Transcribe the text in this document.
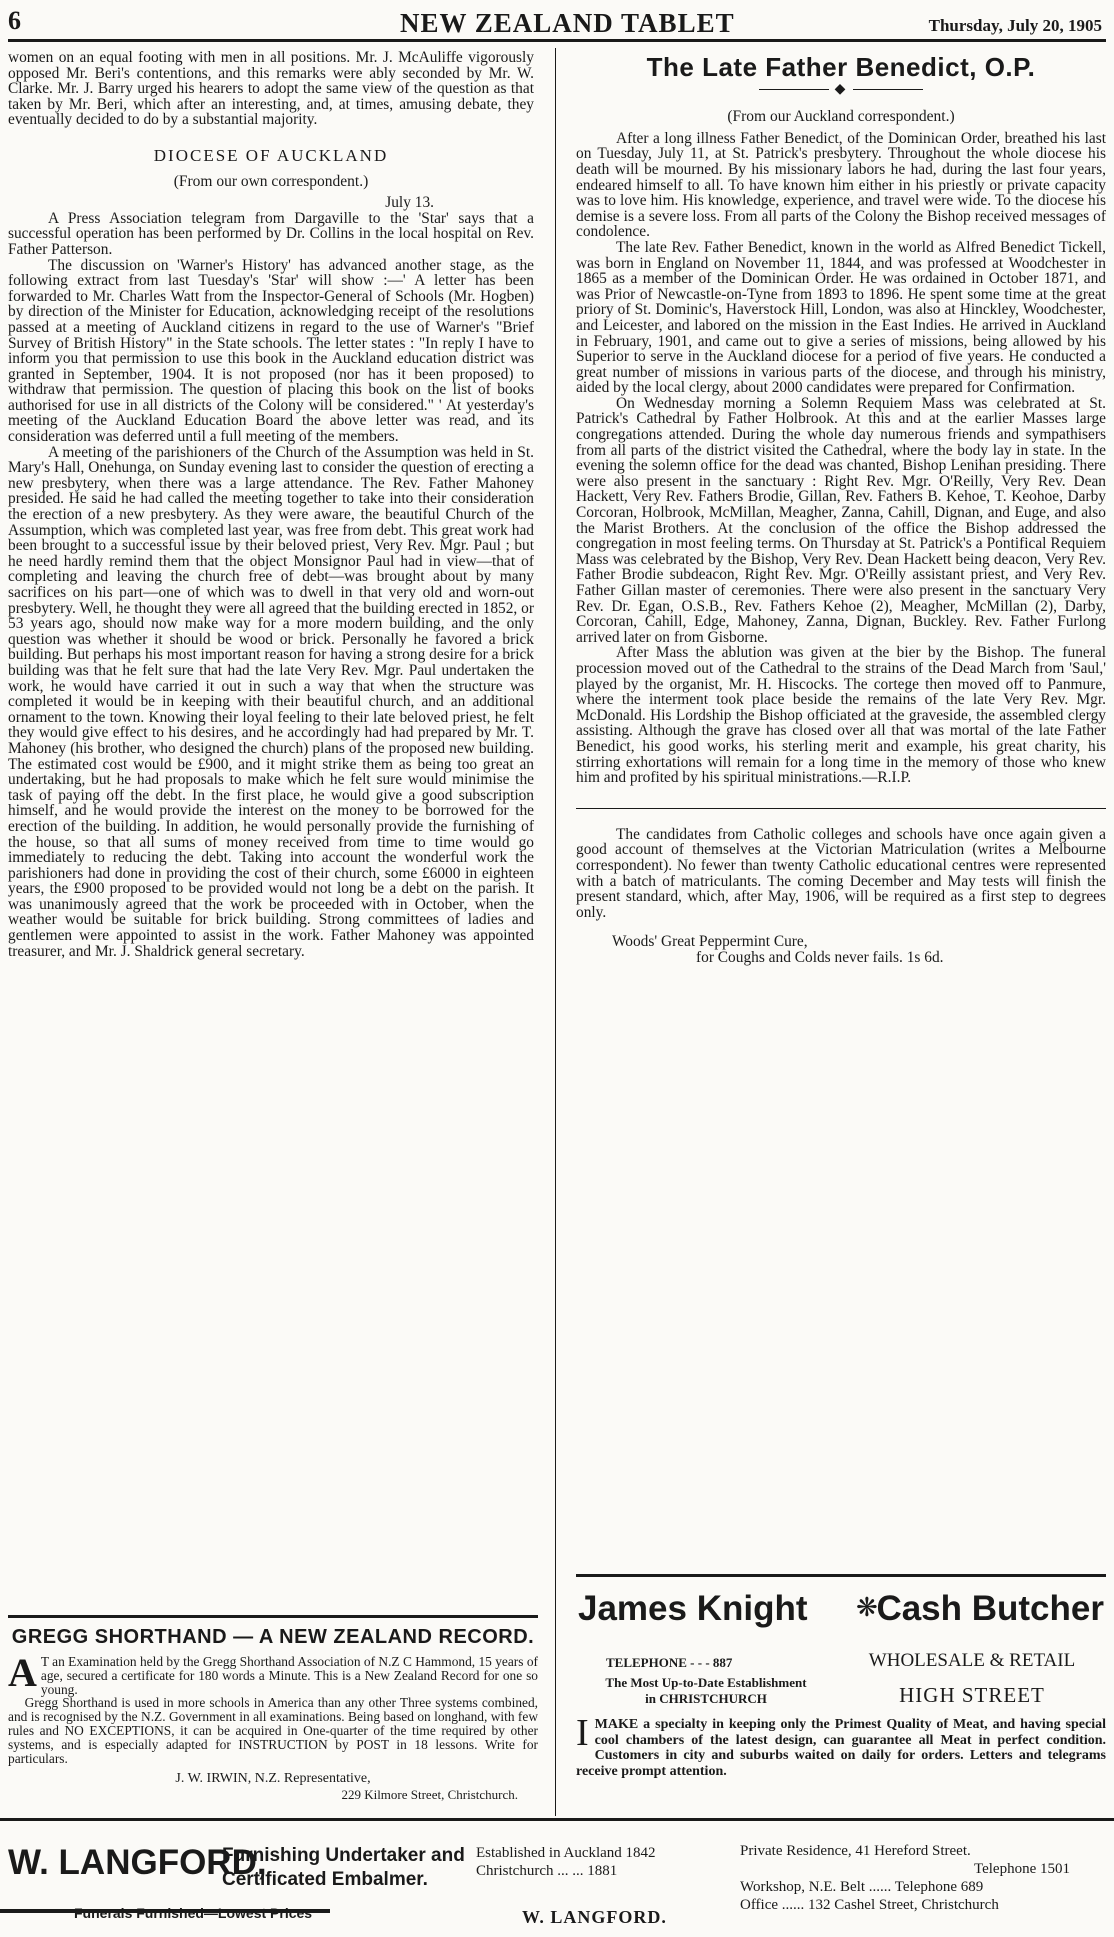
6	NEW ZEALAND TABLET	Thursday, July 20, 1905

women on an equal footing with men in all positions. Mr. J. McAuliffe vigorously opposed Mr. Beri's contentions, and this remarks were ably seconded by Mr. W. Clarke. Mr. J. Barry urged his hearers to adopt the same view of the question as that taken by Mr. Beri, which after an interesting, and, at times, amusing debate, they eventually decided to do by a substantial majority.

DIOCESE OF AUCKLAND

(From our own correspondent.)

July 13.

A Press Association telegram from Dargaville to the 'Star' says that a successful operation has been performed by Dr. Collins in the local hospital on Rev. Father Patterson.

The discussion on 'Warner's History' has advanced another stage, as the following extract from last Tuesday's 'Star' will show :—' A letter has been forwarded to Mr. Charles Watt from the Inspector-General of Schools (Mr. Hogben) by direction of the Minister for Education, acknowledging receipt of the resolutions passed at a meeting of Auckland citizens in regard to the use of Warner's "Brief Survey of British History" in the State schools. The letter states : "In reply I have to inform you that permission to use this book in the Auckland education district was granted in September, 1904. It is not proposed (nor has it been proposed) to withdraw that permission. The question of placing this book on the list of books authorised for use in all districts of the Colony will be considered." ' At yesterday's meeting of the Auckland Education Board the above letter was read, and its consideration was deferred until a full meeting of the members.

A meeting of the parishioners of the Church of the Assumption was held in St. Mary's Hall, Onehunga, on Sunday evening last to consider the question of erecting a new presbytery, when there was a large attendance. The Rev. Father Mahoney presided. He said he had called the meeting together to take into their consideration the erection of a new presbytery. As they were aware, the beautiful Church of the Assumption, which was completed last year, was free from debt. This great work had been brought to a successful issue by their beloved priest, Very Rev. Mgr. Paul ; but he need hardly remind them that the object Monsignor Paul had in view—that of completing and leaving the church free of debt—was brought about by many sacrifices on his part—one of which was to dwell in that very old and worn-out presbytery. Well, he thought they were all agreed that the building erected in 1852, or 53 years ago, should now make way for a more modern building, and the only question was whether it should be wood or brick. Personally he favored a brick building. But perhaps his most important reason for having a strong desire for a brick building was that he felt sure that had the late Very Rev. Mgr. Paul undertaken the work, he would have carried it out in such a way that when the structure was completed it would be in keeping with their beautiful church, and an additional ornament to the town. Knowing their loyal feeling to their late beloved priest, he felt they would give effect to his desires, and he accordingly had had prepared by Mr. T. Mahoney (his brother, who designed the church) plans of the proposed new building. The estimated cost would be £900, and it might strike them as being too great an undertaking, but he had proposals to make which he felt sure would minimise the task of paying off the debt. In the first place, he would give a good subscription himself, and he would provide the interest on the money to be borrowed for the erection of the building. In addition, he would personally provide the furnishing of the house, so that all sums of money received from time to time would go immediately to reducing the debt. Taking into account the wonderful work the parishioners had done in providing the cost of their church, some £6000 in eighteen years, the £900 proposed to be provided would not long be a debt on the parish. It was unanimously agreed that the work be proceeded with in October, when the weather would be suitable for brick building. Strong committees of ladies and gentlemen were appointed to assist in the work. Father Mahoney was appointed treasurer, and Mr. J. Shaldrick general secretary.

The Late Father Benedict, O.P.
◆

(From our Auckland correspondent.)

After a long illness Father Benedict, of the Dominican Order, breathed his last on Tuesday, July 11, at St. Patrick's presbytery. Throughout the whole diocese his death will be mourned. By his missionary labors he had, during the last four years, endeared himself to all. To have known him either in his priestly or private capacity was to love him. His knowledge, experience, and travel were wide. To the diocese his demise is a severe loss. From all parts of the Colony the Bishop received messages of condolence.

The late Rev. Father Benedict, known in the world as Alfred Benedict Tickell, was born in England on November 11, 1844, and was professed at Woodchester in 1865 as a member of the Dominican Order. He was ordained in October 1871, and was Prior of Newcastle-on-Tyne from 1893 to 1896. He spent some time at the great priory of St. Dominic's, Haverstock Hill, London, was also at Hinckley, Woodchester, and Leicester, and labored on the mission in the East Indies. He arrived in Auckland in February, 1901, and came out to give a series of missions, being allowed by his Superior to serve in the Auckland diocese for a period of five years. He conducted a great number of missions in various parts of the diocese, and through his ministry, aided by the local clergy, about 2000 candidates were prepared for Confirmation.

On Wednesday morning a Solemn Requiem Mass was celebrated at St. Patrick's Cathedral by Father Holbrook. At this and at the earlier Masses large congregations attended. During the whole day numerous friends and sympathisers from all parts of the district visited the Cathedral, where the body lay in state. In the evening the solemn office for the dead was chanted, Bishop Lenihan presiding. There were also present in the sanctuary : Right Rev. Mgr. O'Reilly, Very Rev. Dean Hackett, Very Rev. Fathers Brodie, Gillan, Rev. Fathers B. Kehoe, T. Keohoe, Darby Corcoran, Holbrook, McMillan, Meagher, Zanna, Cahill, Dignan, and Euge, and also the Marist Brothers. At the conclusion of the office the Bishop addressed the congregation in most feeling terms. On Thursday at St. Patrick's a Pontifical Requiem Mass was celebrated by the Bishop, Very Rev. Dean Hackett being deacon, Very Rev. Father Brodie subdeacon, Right Rev. Mgr. O'Reilly assistant priest, and Very Rev. Father Gillan master of ceremonies. There were also present in the sanctuary Very Rev. Dr. Egan, O.S.B., Rev. Fathers Kehoe (2), Meagher, McMillan (2), Darby, Corcoran, Cahill, Edge, Mahoney, Zanna, Dignan, Buckley. Rev. Father Furlong arrived later on from Gisborne.

After Mass the ablution was given at the bier by the Bishop. The funeral procession moved out of the Cathedral to the strains of the Dead March from 'Saul,' played by the organist, Mr. H. Hiscocks. The cortege then moved off to Panmure, where the interment took place beside the remains of the late Very Rev. Mgr. McDonald. His Lordship the Bishop officiated at the graveside, the assembled clergy assisting. Although the grave has closed over all that was mortal of the late Father Benedict, his good works, his sterling merit and example, his great charity, his stirring exhortations will remain for a long time in the memory of those who knew him and profited by his spiritual ministrations.—R.I.P.

The candidates from Catholic colleges and schools have once again given a good account of themselves at the Victorian Matriculation (writes a Melbourne correspondent). No fewer than twenty Catholic educational centres were represented with a batch of matriculants. The coming December and May tests will finish the present standard, which, after May, 1906, will be required as a first step to degrees only.

Woods' Great Peppermint Cure,

for Coughs and Colds never fails. 1s 6d.

GREGG SHORTHAND — A NEW ZEALAND RECORD.
A T an Examination held by the Gregg Shorthand Association of N.Z C Hammond, 15 years of age, secured a certificate for 180 words a Minute. This is a New Zealand Record for one so young.
Gregg Shorthand is used in more schools in America than any other Three systems combined, and is recognised by the N.Z. Government in all examinations. Being based on longhand, with few rules and NO EXCEPTIONS, it can be acquired in One-quarter of the time required by other systems, and is especially adapted for INSTRUCTION by POST in 18 lessons. Write for particulars.
J. W. IRWIN, N.Z. Representative,
229 Kilmore Street, Christchurch.
James Knight ❋
Cash Butcher
TELEPHONE - - - 887
The Most Up-to-Date Establishment
in CHRISTCHURCH
WHOLESALE & RETAIL
HIGH STREET
I MAKE a specialty in keeping only the Primest Quality of Meat, and having special cool chambers of the latest design, can guarantee all Meat in perfect condition. Customers in city and suburbs waited on daily for orders. Letters and telegrams receive prompt attention.
W. LANGFORD,
Furnishing Undertaker and
Certificated Embalmer.
Funerals Furnished—Lowest Prices
Established in Auckland 1842
Christchurch ... ... 1881
W. LANGFORD.
Private Residence, 41 Hereford Street.
Telephone 1501
Workshop, N.E. Belt ...... Telephone 689
Office ...... 132 Cashel Street, Christchurch
